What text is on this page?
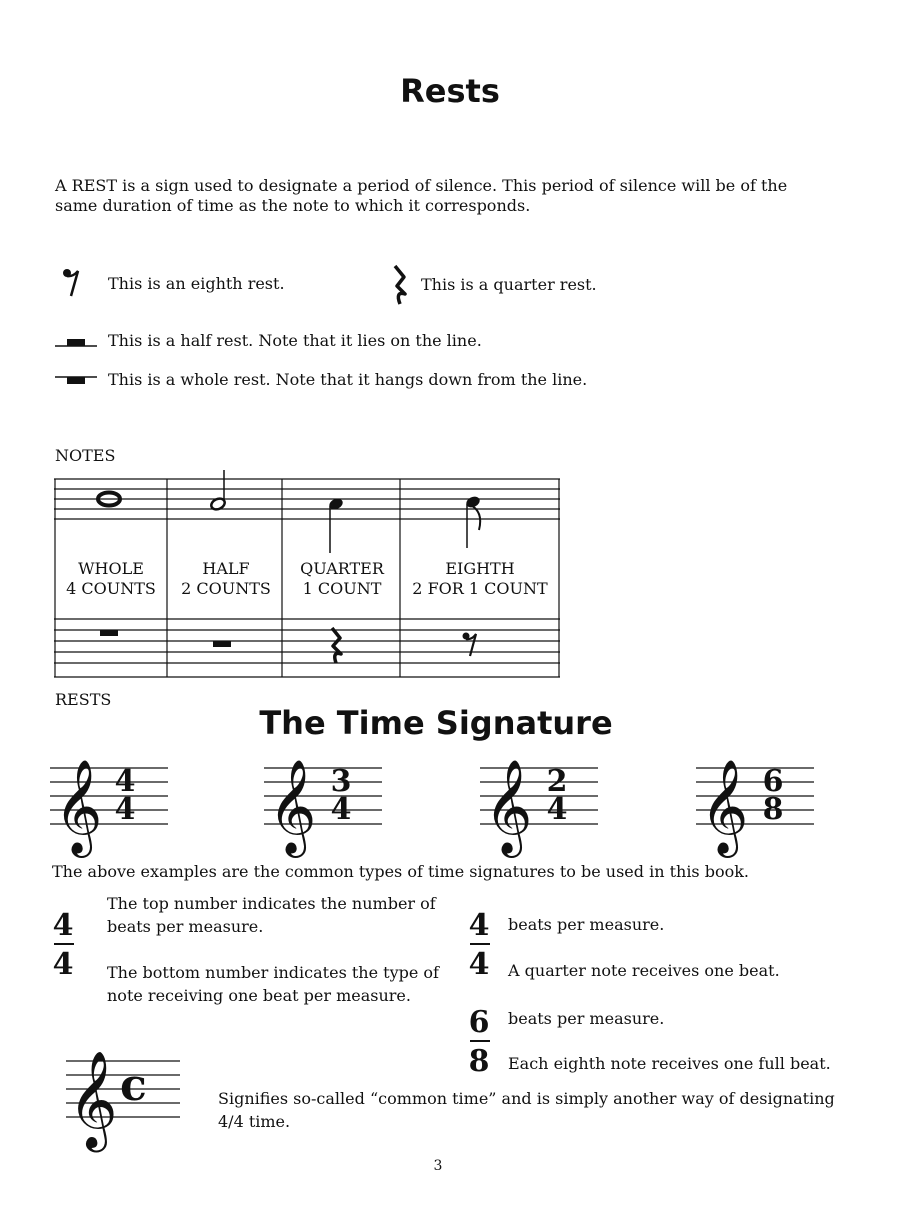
Rests
A REST is a sign used to designate a period of silence. This period of silence will be of the same duration of time as the note to which it corresponds.
This is an eighth rest.	This is a quarter rest.
This is a half rest. Note that it lies on the line.
This is a whole rest. Note that it hangs down from the line.
NOTES
WHOLE
4 COUNTS
HALF
2 COUNTS
QUARTER
1 COUNT
EIGHTH
2 FOR 1 COUNT
RESTS
The Time Signature
𝄞 4
4 𝄞 3
4 𝄞 2
4 𝄞 6
8
The above examples are the common types of time signatures to be used in this book.
4
4
The top number indicates the number of beats per measure.
The bottom number indicates the type of note receiving one beat per measure.
4
4
beats per measure.
A quarter note receives one beat.
6
8
beats per measure.
Each eighth note receives one full beat.
𝄞 c	Signifies so-called “common time” and is simply another way of designating 4/4 time.
3
